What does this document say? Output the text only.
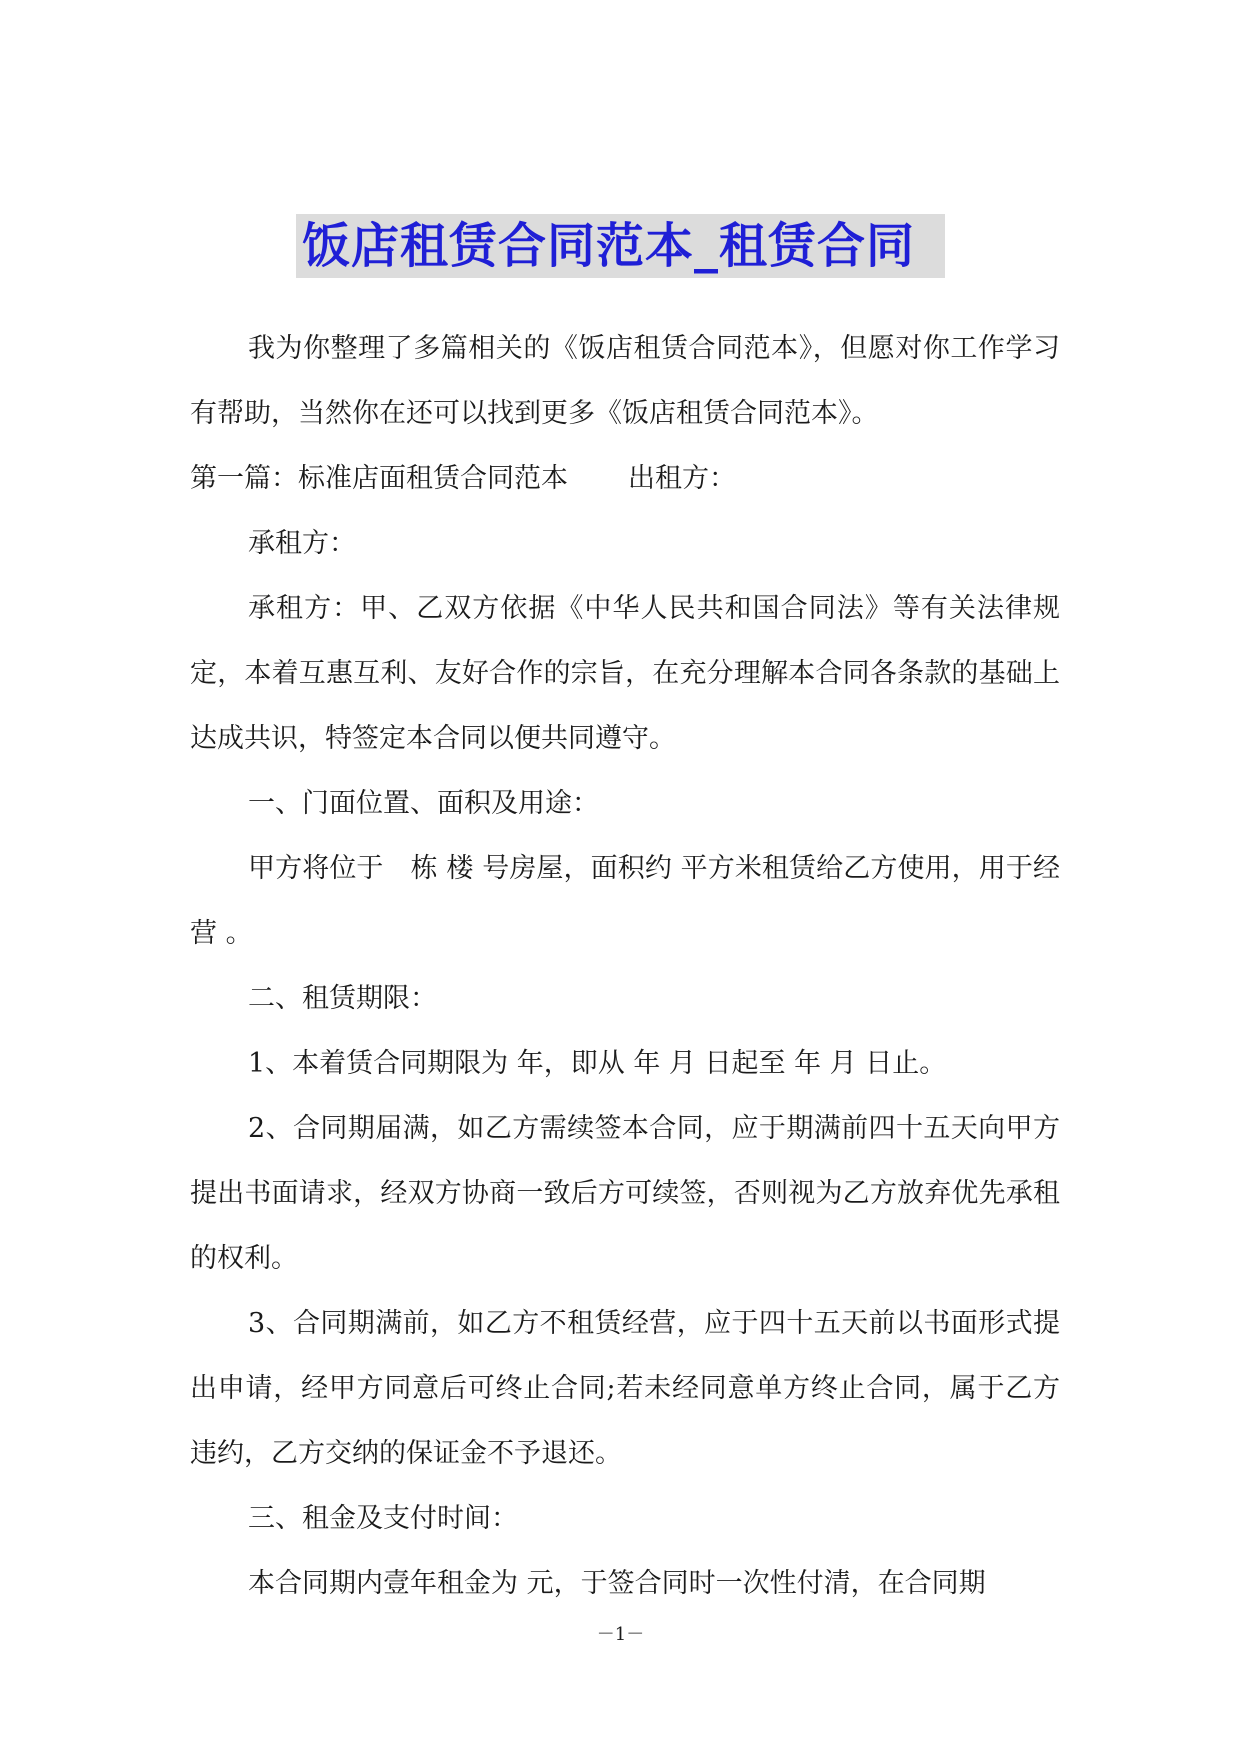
饭店租赁合同范本_租赁合同

我为你整理了多篇相关的《饭店租赁合同范本》，但愿对你工作学习有帮助，当然你在还可以找到更多《饭店租赁合同范本》。

第一篇：标准店面租赁合同范本 出租方：

承租方：

承租方：甲、乙双方依据《中华人民共和国合同法》等有关法律规定，本着互惠互利、友好合作的宗旨，在充分理解本合同各条款的基础上达成共识，特签定本合同以便共同遵守。

一、门面位置、面积及用途：

甲方将位于　栋 楼 号房屋，面积约 平方米租赁给乙方使用，用于经营 。

二、租赁期限：

1、本着赁合同期限为 年，即从 年 月 日起至 年 月 日止。

2、合同期届满，如乙方需续签本合同，应于期满前四十五天向甲方提出书面请求，经双方协商一致后方可续签，否则视为乙方放弃优先承租的权利。

3、合同期满前，如乙方不租赁经营，应于四十五天前以书面形式提出申请，经甲方同意后可终止合同;若未经同意单方终止合同，属于乙方违约，乙方交纳的保证金不予退还。

三、租金及支付时间：

本合同期内壹年租金为 元，于签合同时一次性付清，在合同期

－1－
